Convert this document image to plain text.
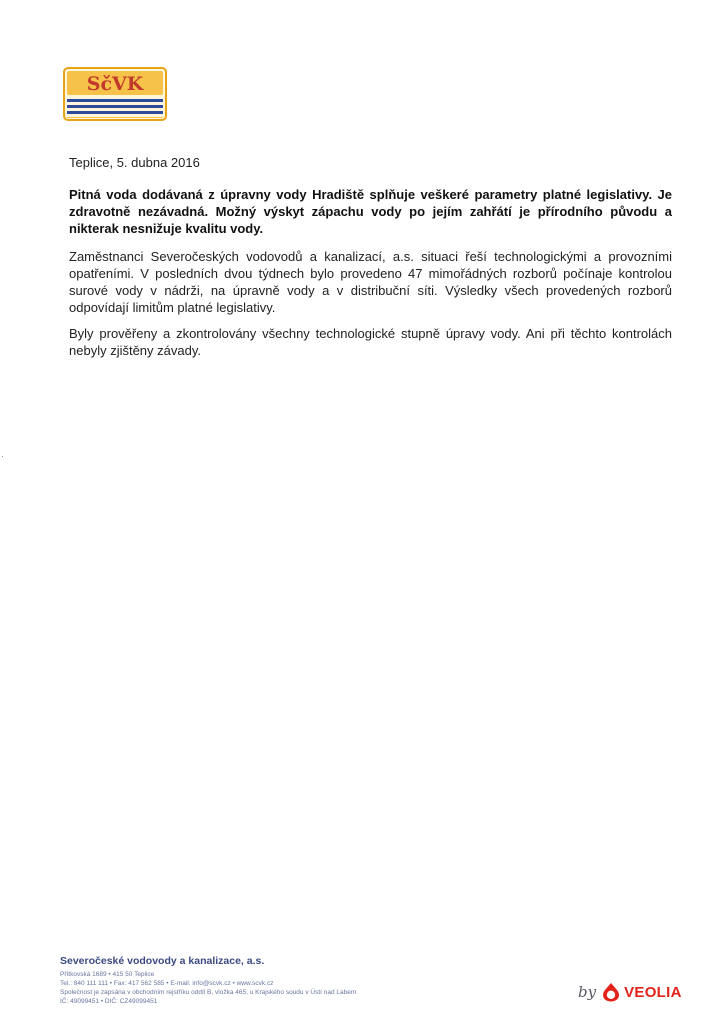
SčVK
Teplice, 5. dubna 2016

Pitná voda dodávaná z úpravny vody Hradiště splňuje veškeré parametry platné legislativy. Je zdravotně nezávadná. Možný výskyt zápachu vody po jejím zahřátí je přírodního původu a nikterak nesnižuje kvalitu vody.

Zaměstnanci Severočeských vodovodů a kanalizací, a.s. situaci řeší technologickými a provozními opatřeními. V posledních dvou týdnech bylo provedeno 47 mimořádných rozborů počínaje kontrolou surové vody v nádrži, na úpravně vody a v distribuční síti. Výsledky všech provedených rozborů odpovídají limitům platné legislativy.

Byly prověřeny a zkontrolovány všechny technologické stupně úpravy vody. Ani při těchto kontrolách nebyly zjištěny závady.

Severočeské vodovody a kanalizace, a.s.
Přítkovská 1689 • 415 50 Teplice
Tel.: 840 111 111 • Fax: 417 562 585 • E-mail: info@scvk.cz • www.scvk.cz
Společnost je zapsána v obchodním rejstříku oddíl B, vložka 465, u Krajského soudu v Ústí nad Labem
IČ: 49099451 • DIČ: CZ49099451
by VEOLIA
